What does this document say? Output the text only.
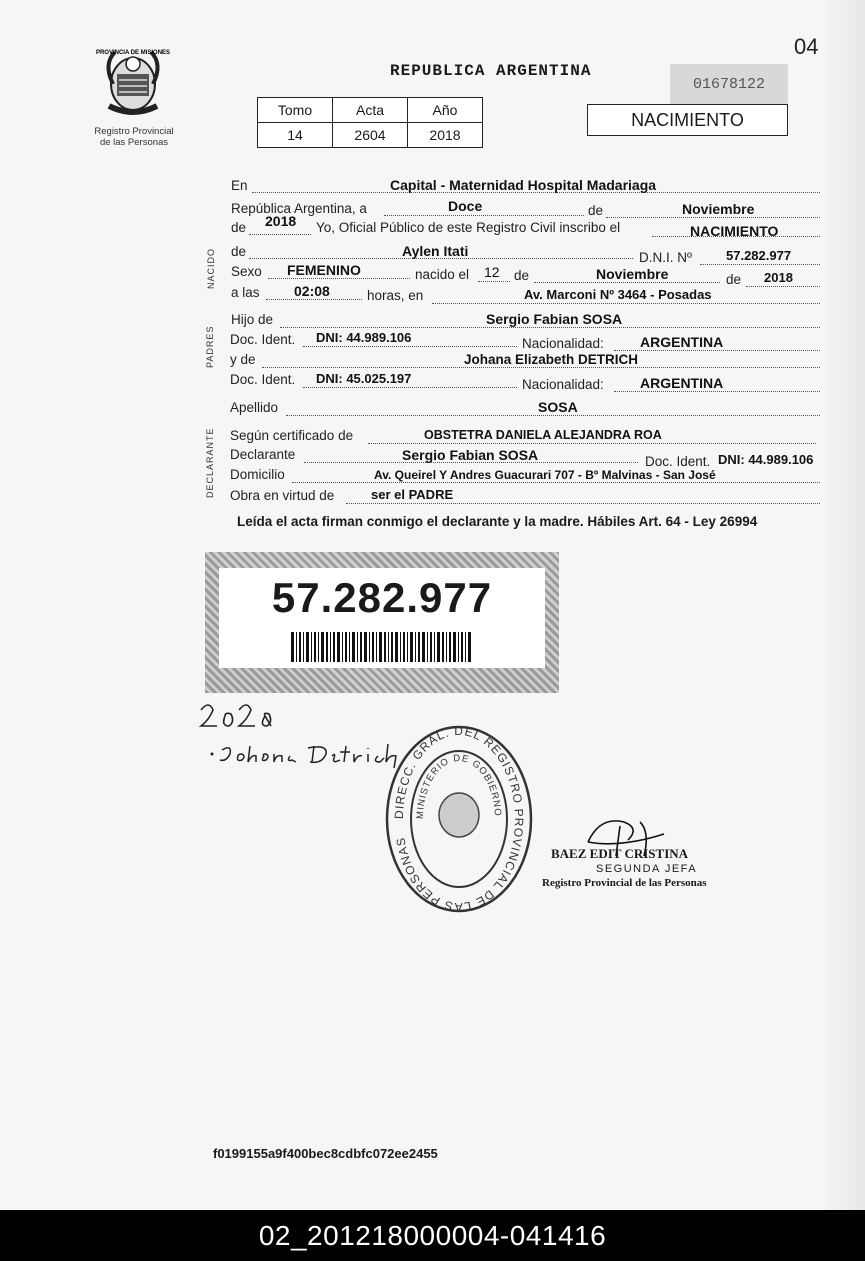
PROVINCIA DE MISIONES
Registro Provincial
de las Personas
04
REPUBLICA ARGENTINA
01678122
NACIMIENTO
Tomo	Acta	Año
14	2604	2018
En	Capital - Maternidad Hospital Madariaga
República Argentina, a	Doce	de	Noviembre
de 2018 Yo, Oficial Público de este Registro Civil inscribo el	NACIMIENTO
NACIDO de	Aylen Itati	D.N.I. Nº	57.282.977
Sexo FEMENINO	nacido el 12 de	Noviembre	de 2018
a las 02:08	horas, en	Av. Marconi Nº 3464 - Posadas
PADRES
Hijo de	Sergio Fabian SOSA
Doc. Ident. DNI: 44.989.106	Nacionalidad:	ARGENTINA
y de	Johana Elizabeth DETRICH
Doc. Ident. DNI: 45.025.197	Nacionalidad:	ARGENTINA
Apellido	SOSA
DECLARANTE Según certificado de	OBSTETRA DANIELA ALEJANDRA ROA
Declarante	Sergio Fabian SOSA	Doc. Ident. DNI: 44.989.106
Domicilio	Av. Queirel Y Andres Guacurari 707 - Bº Malvinas - San José
Obra en virtud de	ser el PADRE
Leída el acta firman conmigo el declarante y la madre. Hábiles Art. 64 - Ley 26994
57.282.977
DIRECC. GRAL. DEL REGISTRO PROVINCIAL DE LAS PERSONAS
MINISTERIO DE GOBIERNO
BAEZ EDIT CRISTINA
SEGUNDA JEFA
Registro Provincial de las Personas
f0199155a9f400bec8cdbfc072ee2455
02_201218000004-041416
